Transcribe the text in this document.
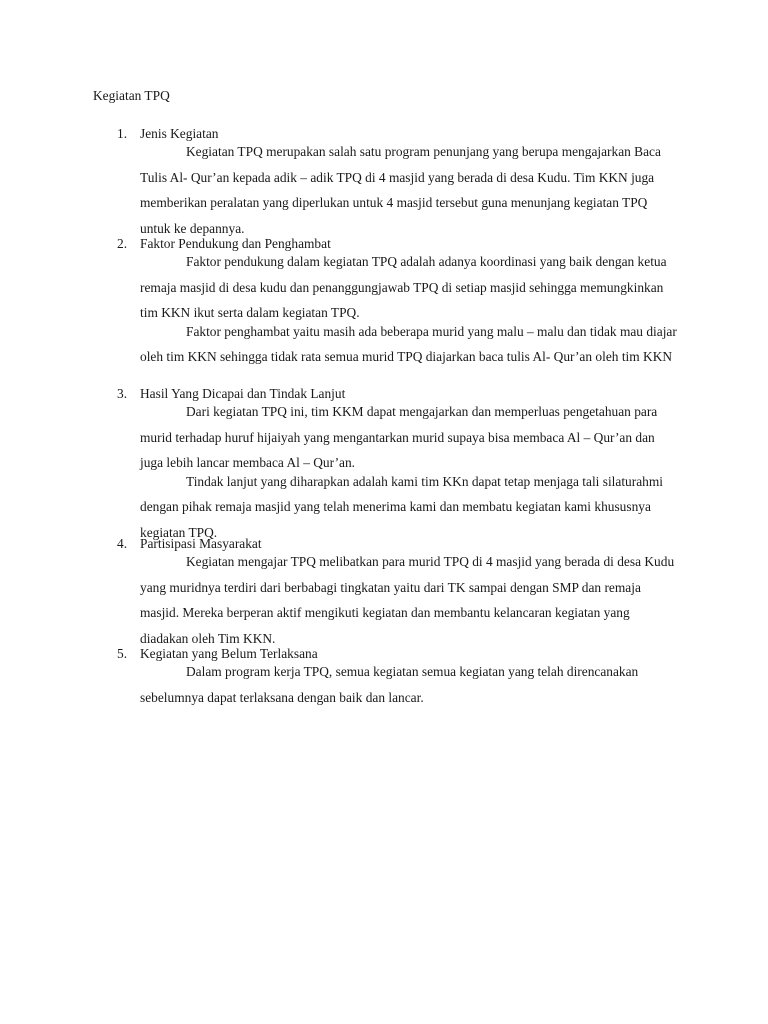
Kegiatan TPQ
1. Jenis Kegiatan

Kegiatan TPQ merupakan salah satu program penunjang yang berupa mengajarkan Baca Tulis Al- Qur’an kepada adik – adik TPQ di 4 masjid yang berada di desa Kudu. Tim KKN juga memberikan peralatan yang diperlukan untuk 4 masjid tersebut guna menunjang kegiatan TPQ untuk ke depannya.

2. Faktor Pendukung dan Penghambat

Faktor pendukung dalam kegiatan TPQ adalah adanya koordinasi yang baik dengan ketua remaja masjid di desa kudu dan penanggungjawab TPQ di setiap masjid sehingga memungkinkan tim KKN ikut serta dalam kegiatan TPQ.

Faktor penghambat yaitu masih ada beberapa murid yang malu – malu dan tidak mau diajar oleh tim KKN sehingga tidak rata semua murid TPQ diajarkan baca tulis Al- Qur’an oleh tim KKN

3. Hasil Yang Dicapai dan Tindak Lanjut

Dari kegiatan TPQ ini, tim KKM dapat mengajarkan dan memperluas pengetahuan para murid terhadap huruf hijaiyah yang mengantarkan murid supaya bisa membaca Al – Qur’an dan juga lebih lancar membaca Al – Qur’an.

Tindak lanjut yang diharapkan adalah kami tim KKn dapat tetap menjaga tali silaturahmi dengan pihak remaja masjid yang telah menerima kami dan membatu kegiatan kami khususnya kegiatan TPQ.

4. Partisipasi Masyarakat

Kegiatan mengajar TPQ melibatkan para murid TPQ di 4 masjid yang berada di desa Kudu yang muridnya terdiri dari berbabagi tingkatan yaitu dari TK sampai dengan SMP dan remaja masjid. Mereka berperan aktif mengikuti kegiatan dan membantu kelancaran kegiatan yang diadakan oleh Tim KKN.

5. Kegiatan yang Belum Terlaksana

Dalam program kerja TPQ, semua kegiatan semua kegiatan yang telah direncanakan sebelumnya dapat terlaksana dengan baik dan lancar.
